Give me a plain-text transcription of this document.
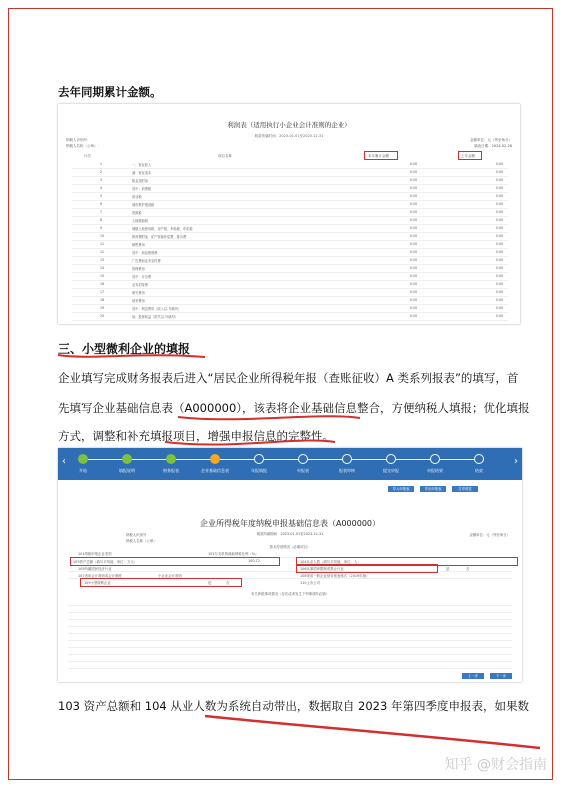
去年同期累计金额。
利润表（适用执行小企业会计准则的企业）
税款所属时间：2023-01-01至2023-12-31
纳税人识别号：
纳税人名称（公章）：
金额单位：元（列至角分）
填表日期：2024-02-28
行次	项目名称	本年累计金额	上年金额
1	一、营业收入	0.00	0.00
2	减：营业成本	0.00	0.00
3	税金及附加	0.00	0.00
4	其中：消费税	0.00	0.00
5	营业税	0.00	0.00
6	城市维护建设税	0.00	0.00
7	资源税	0.00	0.00
8	土地增值税	0.00	0.00
9	城镇土地使用税、房产税、车船税、印花税	0.00	0.00
10	教育费附加、矿产资源补偿费、排污费	0.00	0.00
11	销售费用	0.00	0.00
12	其中：商品维修费	0.00	0.00
13	广告费和业务宣传费	0.00	0.00
14	管理费用	0.00	0.00
15	其中：开办费	0.00	0.00
16	业务招待费	0.00	0.00
17	研究费用	0.00	0.00
18	财务费用	0.00	0.00
19	其中：利息费用（收入以-号填列）	0.00	0.00
20	加：投资收益（损失以-号填列）	0.00	0.00
三、小型微利企业的填报
企业填写完成财务报表后进入“居民企业所得税年报（查账征收）A 类系列报表”的填写，首
先填写企业基础信息表（A000000），该表将企业基础信息整合，方便纳税人填报；优化填报
方式，调整和补充填报项目，增强申报信息的完整性。
‹	›
开始	填报说明	财务报表	企业基础信息表	年报填报	申报表	报表审核	提交申报	申报结果	结束
导入申报表	导出申报表	打印预览
企业所得税年度纳税申报基础信息表（A000000）
税款所属期间：2023-01-01至2023-12-31
纳税人识别号
纳税人名称（公章）
金额单位：元（列至角分）
基本经营情况（必填项目）
101纳税申报企业类型	102分支机构就地纳税比例（%）
103资产总额（填写平均值，单位：万元）	100.72	104从业人数（填写平均值，单位：人）
105所属国民经济行业	106从事国家限制或禁止行业	是	否
107适用会计准则或会计制度	小企业会计准则	108采用一般企业财务报表格式（2019年版）
109小型微利企业	是	否	110上市公司
有关涉税事项情况（存在或者发生下列事项时必填）
上一步	下一步
103 资产总额和 104 从业人数为系统自动带出，数据取自 2023 年第四季度申报表，如果数
知乎 @财会指南
